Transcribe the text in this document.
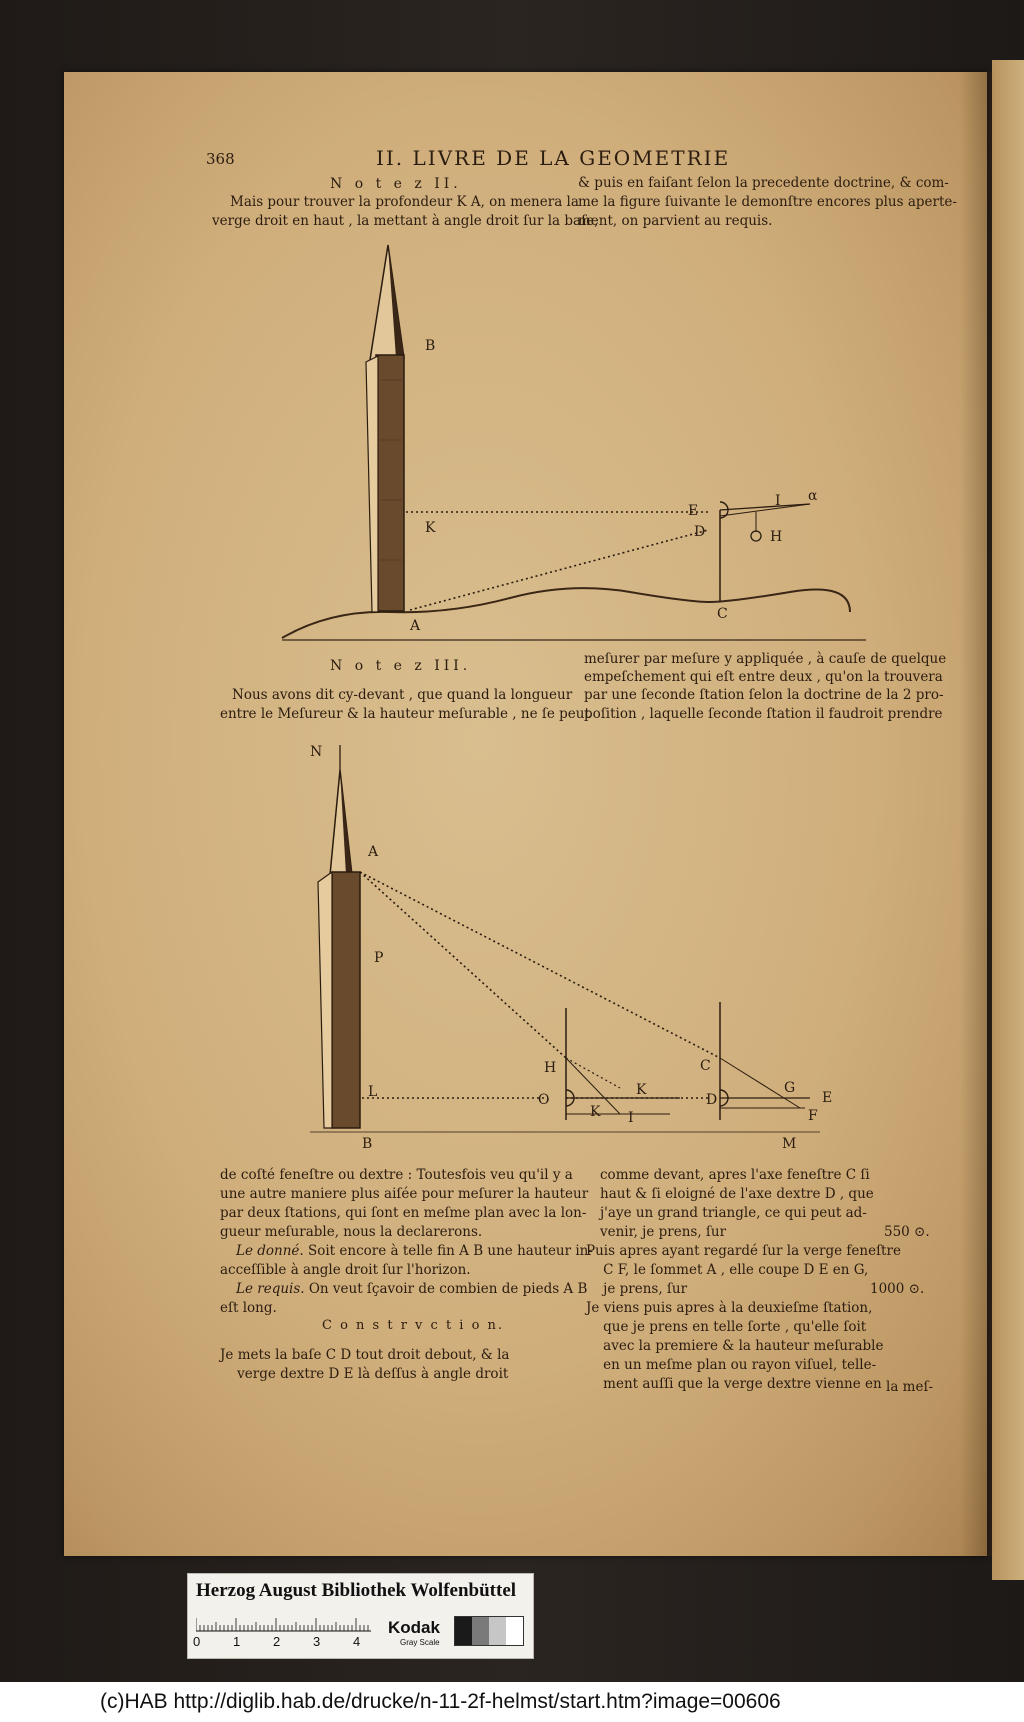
368	II. LIVRE DE LA GEOMETRIE
N o t e z II.
Mais pour trouver la profondeur K A, on menera la
verge droit en haut , la mettant à angle droit ſur la baſe,
& puis en faiſant ſelon la precedente doctrine, & com-
me la figure ſuivante le demonſtre encores plus aperte-
ment, on parvient au requis.
B
K
E
I α
D	H
C
A
N o t e z III.
Nous avons dit cy-devant , que quand la longueur
entre le Meſureur & la hauteur meſurable , ne ſe peut
meſurer par meſure y appliquée , à cauſe de quelque
empeſchement qui eſt entre deux , qu'on la trouvera
par une ſeconde ſtation ſelon la doctrine de la 2 pro-
poſition , laquelle ſeconde ſtation il faudroit prendre
N
A
P
H	C
K	G
E
L	O	D
K I	F
B	M
de coſté feneſtre ou dextre : Toutesfois veu qu'il y a
une autre maniere plus aiſée pour meſurer la hauteur
par deux ſtations, qui ſont en meſme plan avec la lon-
gueur meſurable, nous la declarerons.
Le donné. Soit encore à telle fin A B une hauteur in-
acceſſible à angle droit ſur l'horizon.
Le requis. On veut ſçavoir de combien de pieds A B
eſt long.
C o n s t r v c t i o n.
Je mets la baſe C D tout droit debout, & la
verge dextre D E là deſſus à angle droit
comme devant, apres l'axe feneſtre C ſi
haut & ſi eloigné de l'axe dextre D , que
j'aye un grand triangle, ce qui peut ad-
venir, je prens, ſur	550 ⊙.
Puis apres ayant regardé ſur la verge feneſtre
C F, le ſommet A , elle coupe D E en G,
je prens, ſur	1000 ⊙.
Je viens puis apres à la deuxieſme ſtation,
que je prens en telle ſorte , qu'elle ſoit
avec la premiere & la hauteur meſurable
en un meſme plan ou rayon viſuel, telle-
ment auſſi que la verge dextre vienne en la meſ-
Herzog August Bibliothek Wolfenbüttel
0	1	2	3	4
Kodak
Gray Scale
(c)HAB http://diglib.hab.de/drucke/n-11-2f-helmst/start.htm?image=00606
